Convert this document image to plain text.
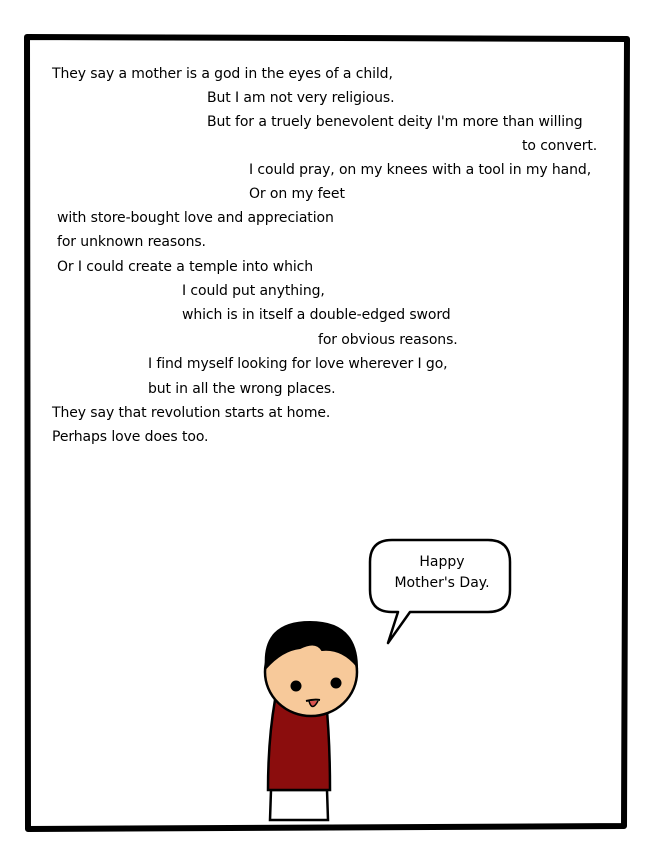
They say a mother is a god in the eyes of a child,
But I am not very religious.
But for a truely benevolent deity I'm more than willing
to convert.
I could pray, on my knees with a tool in my hand,
Or on my feet
with store-bought love and appreciation
for unknown reasons.
Or I could create a temple into which
I could put anything,
which is in itself a double-edged sword
for obvious reasons.
I find myself looking for love wherever I go,
but in all the wrong places.
They say that revolution starts at home.
Perhaps love does too.
Happy
Mother's Day.
